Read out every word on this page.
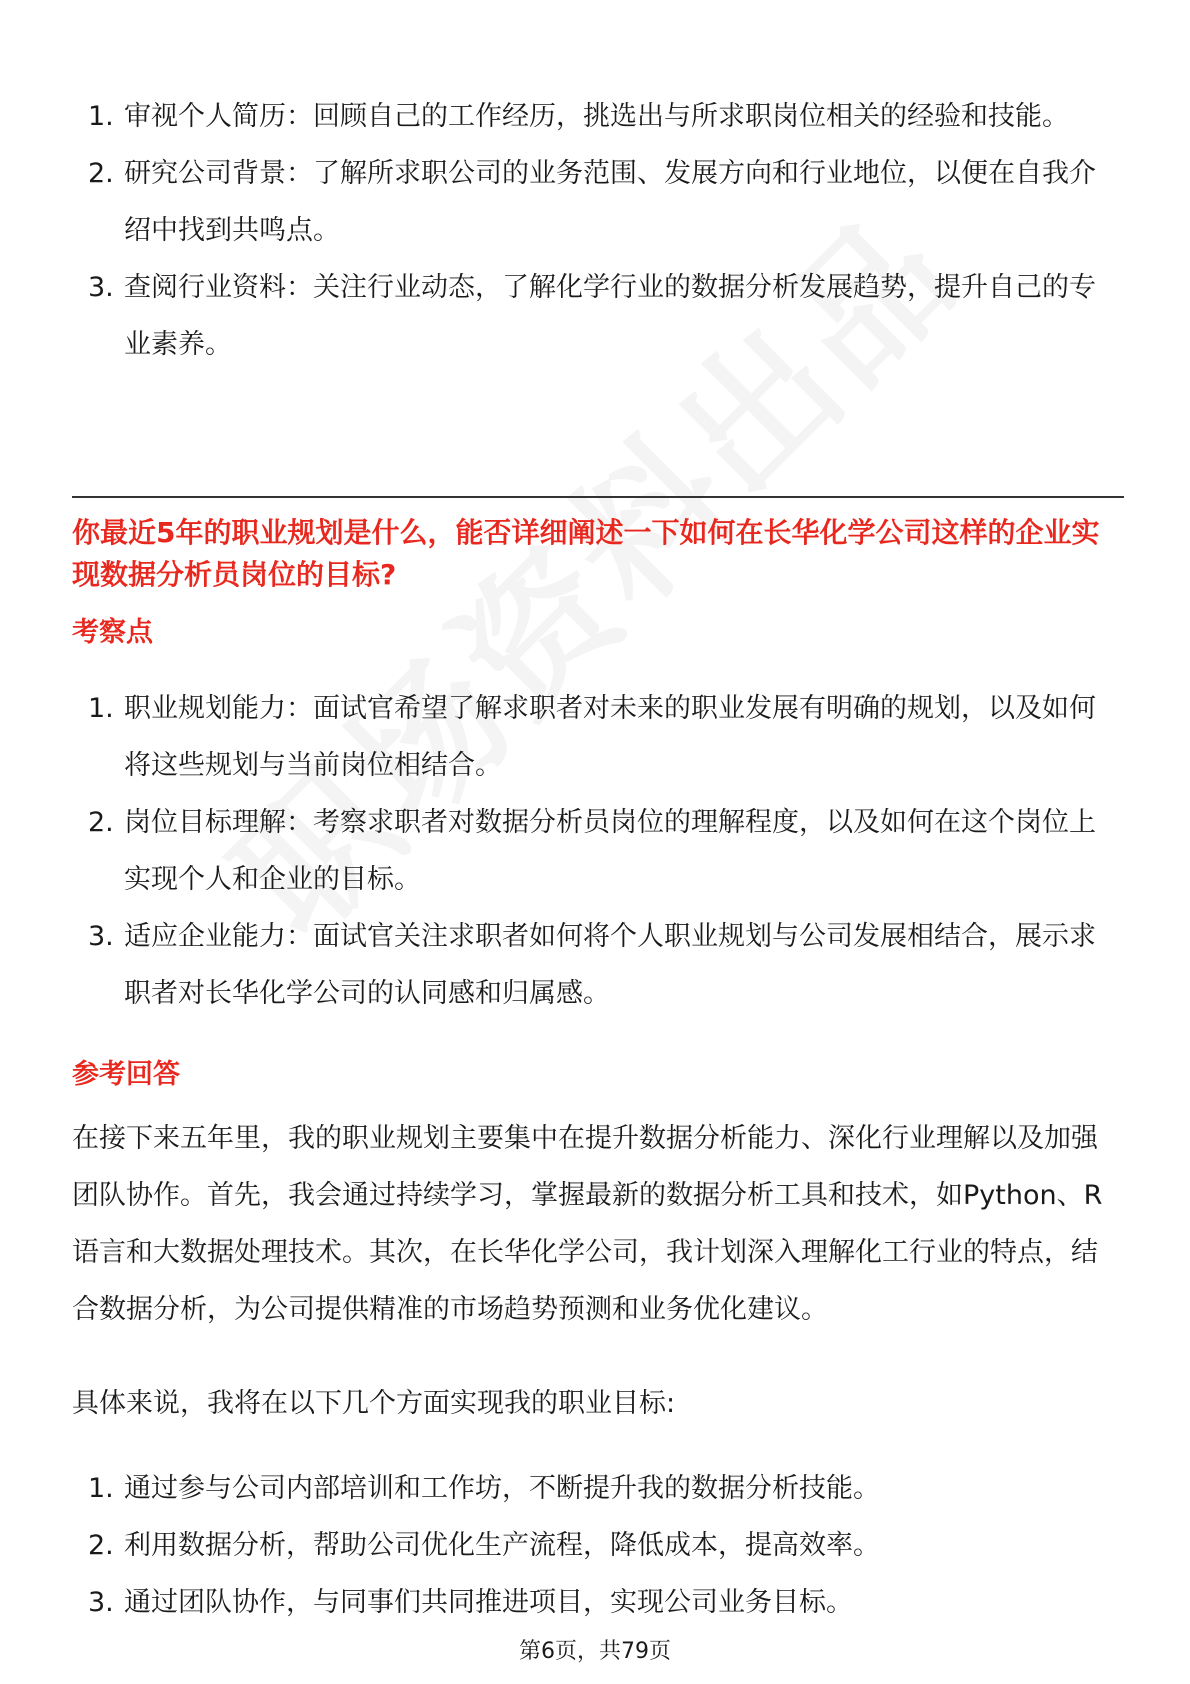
1. 审视个人简历：回顾自己的工作经历，挑选出与所求职岗位相关的经验和技能。
2. 研究公司背景：了解所求职公司的业务范围、发展方向和行业地位，以便在自我介绍中找到共鸣点。
3. 查阅行业资料：关注行业动态，了解化学行业的数据分析发展趋势，提升自己的专业素养。
你最近5年的职业规划是什么，能否详细阐述一下如何在长华化学公司这样的企业实现数据分析员岗位的目标?
考察点
1. 职业规划能力：面试官希望了解求职者对未来的职业发展有明确的规划，以及如何将这些规划与当前岗位相结合。
2. 岗位目标理解：考察求职者对数据分析员岗位的理解程度，以及如何在这个岗位上实现个人和企业的目标。
3. 适应企业能力：面试官关注求职者如何将个人职业规划与公司发展相结合，展示求职者对长华化学公司的认同感和归属感。
参考回答
在接下来五年里，我的职业规划主要集中在提升数据分析能力、深化行业理解以及加强团队协作。首先，我会通过持续学习，掌握最新的数据分析工具和技术，如Python、R语言和大数据处理技术。其次，在长华化学公司，我计划深入理解化工行业的特点，结合数据分析，为公司提供精准的市场趋势预测和业务优化建议。
具体来说，我将在以下几个方面实现我的职业目标:
1. 通过参与公司内部培训和工作坊，不断提升我的数据分析技能。
2. 利用数据分析，帮助公司优化生产流程，降低成本，提高效率。
3. 通过团队协作，与同事们共同推进项目，实现公司业务目标。
第6页，共79页
